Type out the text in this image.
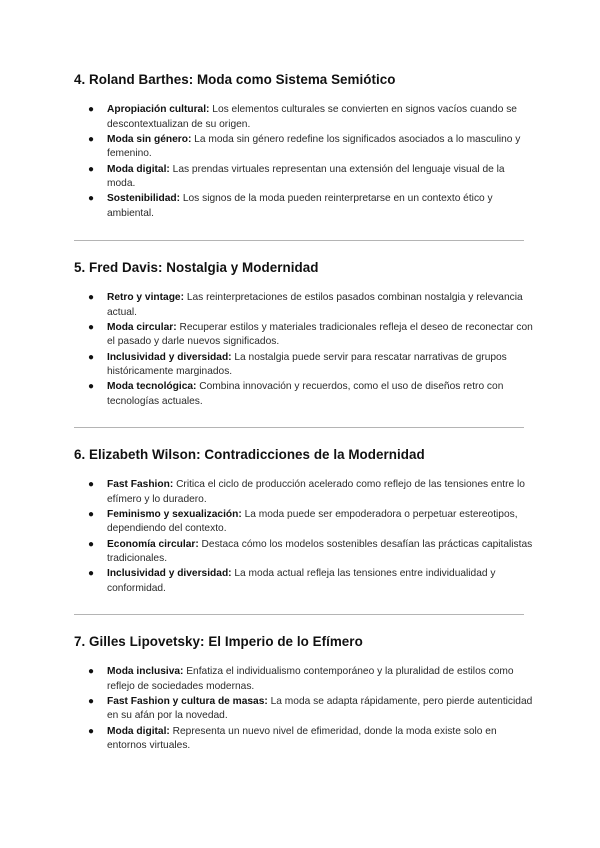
4. Roland Barthes: Moda como Sistema Semiótico
● Apropiación cultural: Los elementos culturales se convierten en signos vacíos cuando se descontextualizan de su origen.
● Moda sin género: La moda sin género redefine los significados asociados a lo masculino y femenino.
● Moda digital: Las prendas virtuales representan una extensión del lenguaje visual de la moda.
● Sostenibilidad: Los signos de la moda pueden reinterpretarse en un contexto ético y ambiental.
5. Fred Davis: Nostalgia y Modernidad
● Retro y vintage: Las reinterpretaciones de estilos pasados combinan nostalgia y relevancia actual.
● Moda circular: Recuperar estilos y materiales tradicionales refleja el deseo de reconectar con el pasado y darle nuevos significados.
● Inclusividad y diversidad: La nostalgia puede servir para rescatar narrativas de grupos históricamente marginados.
● Moda tecnológica: Combina innovación y recuerdos, como el uso de diseños retro con tecnologías actuales.
6. Elizabeth Wilson: Contradicciones de la Modernidad
● Fast Fashion: Critica el ciclo de producción acelerado como reflejo de las tensiones entre lo efímero y lo duradero.
● Feminismo y sexualización: La moda puede ser empoderadora o perpetuar estereotipos, dependiendo del contexto.
● Economía circular: Destaca cómo los modelos sostenibles desafían las prácticas capitalistas tradicionales.
● Inclusividad y diversidad: La moda actual refleja las tensiones entre individualidad y conformidad.
7. Gilles Lipovetsky: El Imperio de lo Efímero
● Moda inclusiva: Enfatiza el individualismo contemporáneo y la pluralidad de estilos como reflejo de sociedades modernas.
● Fast Fashion y cultura de masas: La moda se adapta rápidamente, pero pierde autenticidad en su afán por la novedad.
● Moda digital: Representa un nuevo nivel de efimeridad, donde la moda existe solo en entornos virtuales.
